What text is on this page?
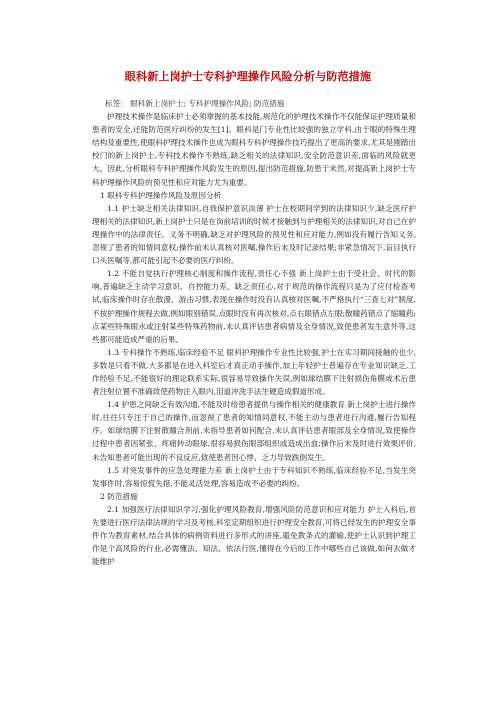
眼科新上岗护士专科护理操作风险分析与防范措施

标签： 眼科新上岗护士; 专科护理操作风险; 防范措施

护理技术操作是临床护士必须掌握的基本技能,规范化的护理技术操作不仅能保证护理质量和患者的安全,还能防范医疗纠纷的发生[1]。眼科是门专业性比较强的独立学科,由于眼的特殊生理结构及重要性,使眼科护理技术操作也成为眼科专科护理操作技巧提出了更高的要求,尤其是刚踏出校门的新上岗护士,专科技术操作不熟练,缺乏相关的法律知识,安全防范意识差,面临的风险就更大。因此,分析眼科专科护理操作风险发生的原因,提出防范措施,防患于未然,对提高新上岗护士专科护理操作风险的预见性和应对能力尤为重要。

1 眼科专科护理操作风险及原因分析

1.1 护士缺乏相关法律知识,自我保护意识淡薄 护士在校期间学到的法律知识少,缺乏医疗护理相关的法律知识,新上岗护士只是在岗前培训的时候才接触到与护理相关的法律知识,对自己在护理操作中的法律责任、义务不明确,缺乏对护理风险的预见性和应对能力,例如没有履行告知义务,忽视了患者的知情同意权;操作前未认真核对医嘱,操作后未及时记录结果;非紧急情况下,盲目执行口头医嘱等,都可能引起不必要的医疗纠纷。

1.2 不能自觉执行护理核心制度和操作流程,责任心不强 新上岗护士由于受社会、时代的影响,普遍缺乏主动学习意识、自控能力差、缺乏责任心,对于规范的操作流程只是为了应付检查考试,临床操作时存在散漫、游击习惯,表现在操作时没有认真核对医嘱,不严格执行“三查七对”制度,不按护理操作规程去做,例如眼别错误,点眼时没有再次核对,点右眼错点左眼;散瞳药错点了缩瞳药;点某些特殊眼水或注射某些特殊药物前,未认真评估患者病情及全身情况,致使患者发生意外等,这些都可能造成严重的后果。

1.3 专科操作不熟练,临床经验不足 眼科护理操作专业性比较强,护士在实习期间接触的也少,多数是只看不做,大多都是在进入科室后才真正动手操作,加上年轻护士普遍存在专业知识缺乏,工作经验不足,不能很好的理论联系实际,很容易导致操作失误,例如球结膜下注射损伤角膜或术后患者注射位置不准确致使药物注入眼内,泪道冲洗手法生硬造成假道形成。

1.4 护患之间缺乏有效沟通,不能及时给患者提供与操作相关的健康教育 新上岗护士进行操作时,往往只专注于自己的操作,而忽视了患者的知情同意权,不能主动与患者进行沟通,履行告知程序。如球结膜下注射散瞳合剂前,未指导患者如何配合,未认真评估患者眼部及全身情况,致使操作过程中患者因紧张、疼痛转动眼球,很容易损伤眼部组织或造成出血;操作后未及时进行效果评价,未告知患者可能出现的不良反应,致使患者因心悸、乏力导致跌倒发生。

1.5 对突发事件的应急处理能力差 新上岗护士由于专科知识不熟练,临床经验不足,当发生突发事件时,容易惊慌失措,不能灵活处理,容易造成不必要的纠纷。

2 防范措施

2.1 加强医疗法律知识学习,强化护理风险教育,增强风险防范意识和应对能力 护士入科后,首先要进行医疗法律法规的学习及考核,科室定期组织进行护理安全教育,可将已经发生的护理安全事件作为教育素材,结合具体的病例资料进行多形式的讲座,避免教条式的灌输,使护士认识到护理工作是个高风险的行业,必需懂法、知法、依法行医,懂得在今后的工作中哪些自己该做,如何去做才能维护
